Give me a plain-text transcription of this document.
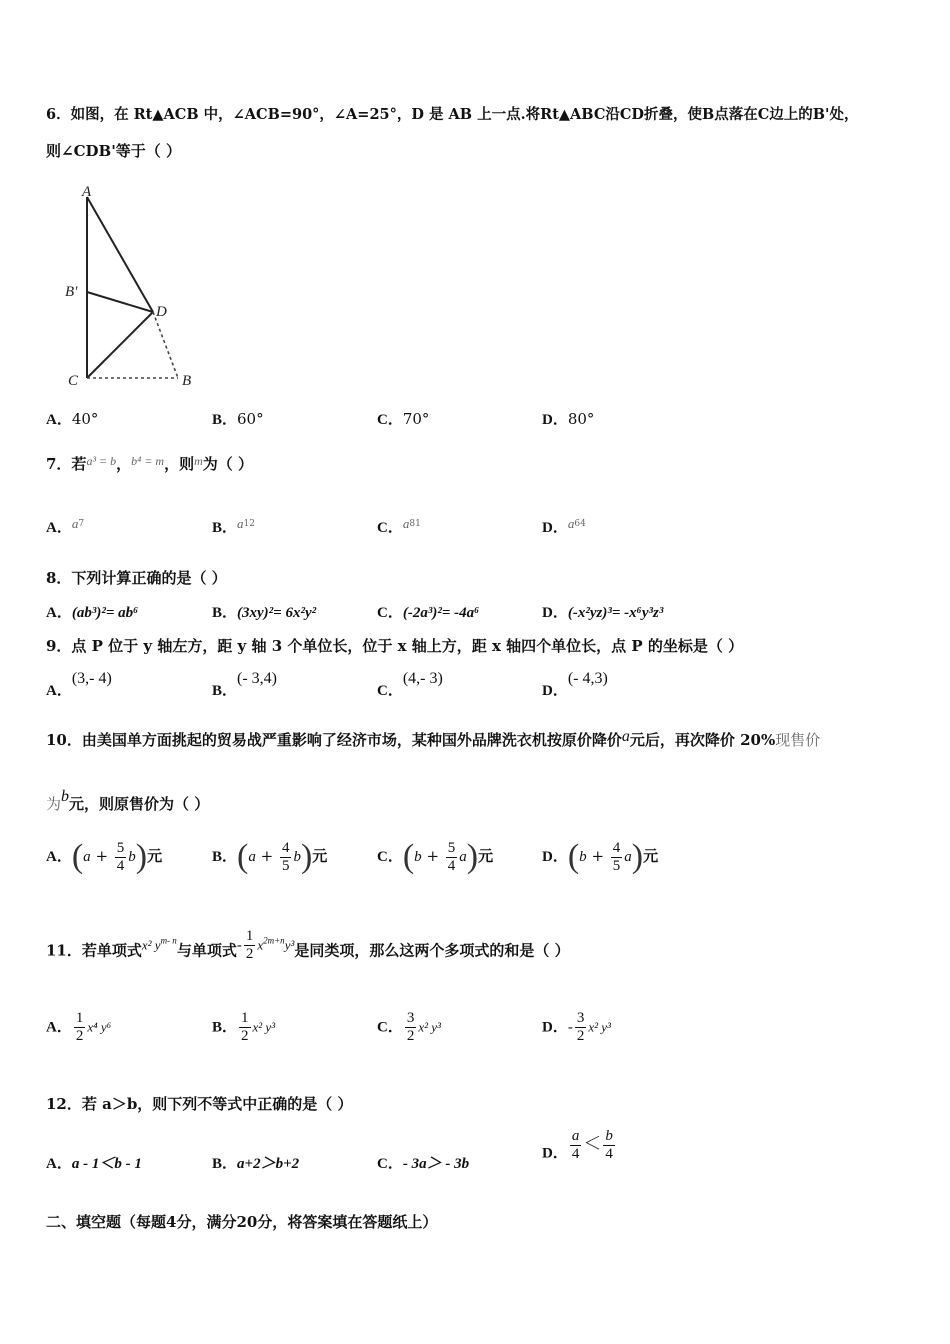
6．如图，在 Rt▲ACB 中，∠ACB=90°，∠A=25°，D 是 AB 上一点.将Rt▲ABC沿CD折叠，使B点落在C边上的B'处，
则∠CDB'等于（ ）
A
B'
D
C	B
A．40°	B．60°	C．70°	D．80°
7．若$^{a^3 = b}$，$^{b^4 = m}$，则$^m$为（ ）
A．$a^7$	B．$a^{12}$	C．$a^{81}$	D．$a^{64}$
8．下列计算正确的是（ ）
A．(ab³)²= ab⁶	B．(3xy)²= 6x²y²	C．(-2a³)²= -4a⁶	D．(-x²yz)³= -x⁶y³z³
9．点 P 位于 y 轴左方，距 y 轴 3 个单位长，位于 x 轴上方，距 x 轴四个单位长，点 P 的坐标是（ ）
A．(3,- 4)
B．(- 3,4)
C．(4,- 3)
D．(- 4,3)
10．由美国单方面挑起的贸易战严重影响了经济市场，某种国外品牌洗衣机按原价降价a元后，再次降价 20%现售价
为b元，则原售价为（ ）
A．$(a + \frac{5}{4} b)$元	B．$(a + \frac{4}{5} b)$元	C．$(b + \frac{5}{4} a)$元	D．$(b + \frac{4}{5} a)$元
11．若单项式x² $y^{m- n}$与单项式- $\frac{1}{2} x^{2m+n}y^3$是同类项，那么这两个多项式的和是（ ）
A． $\frac{1}{2} x^4$ y⁶	B． $\frac{1}{2} x^2$ y³	C． $\frac{3}{2} x^2$ y³	D．- $\frac{3}{2} x^2$ y³
12．若 a＞b，则下列不等式中正确的是（ ）
A．a - 1＜b - 1	B．a+2＞b+2	C．- 3a＞ - 3b
D． $\frac{a}{4} < \frac{b}{4}$
二、填空题（每题4分，满分20分，将答案填在答题纸上）
